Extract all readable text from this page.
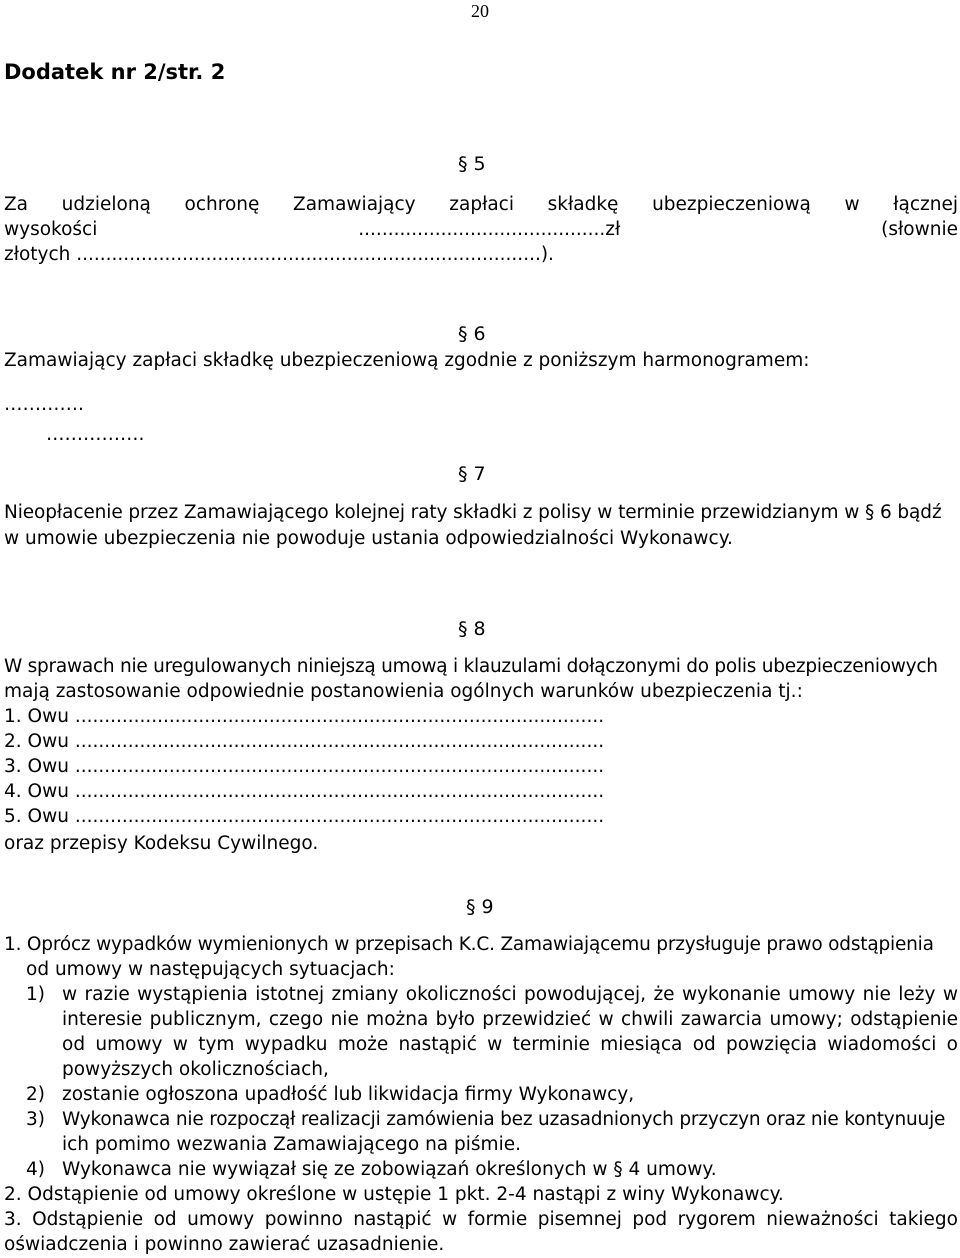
20
Dodatek nr 2/str. 2
§ 5
Za udzieloną ochronę Zamawiający zapłaci składkę ubezpieczeniową w łącznej
wysokości ..........................................zł (słownie
złotych ...............................................................................).
§ 6
Zamawiający zapłaci składkę ubezpieczeniową zgodnie z poniższym harmonogramem:
………….
…………….
§ 7
Nieopłacenie przez Zamawiającego kolejnej raty składki z polisy w terminie przewidzianym w § 6 bądź
w umowie ubezpieczenia nie powoduje ustania odpowiedzialności Wykonawcy.
§ 8
W sprawach nie uregulowanych niniejszą umową i klauzulami dołączonymi do polis ubezpieczeniowych
mają zastosowanie odpowiednie postanowienia ogólnych warunków ubezpieczenia tj.:
1. Owu ..........................................................................................
2. Owu ..........................................................................................
3. Owu ..........................................................................................
4. Owu ..........................................................................................
5. Owu ..........................................................................................
oraz przepisy Kodeksu Cywilnego.
§ 9
1. Oprócz wypadków wymienionych w przepisach K.C. Zamawiającemu przysługuje prawo odstąpienia
od umowy w następujących sytuacjach:
1) w razie wystąpienia istotnej zmiany okoliczności powodującej, że wykonanie umowy nie leży w
interesie publicznym, czego nie można było przewidzieć w chwili zawarcia umowy; odstąpienie
od umowy w tym wypadku może nastąpić w terminie miesiąca od powzięcia wiadomości o
powyższych okolicznościach,
2) zostanie ogłoszona upadłość lub likwidacja firmy Wykonawcy,
3) Wykonawca nie rozpoczął realizacji zamówienia bez uzasadnionych przyczyn oraz nie kontynuuje
ich pomimo wezwania Zamawiającego na piśmie.
4) Wykonawca nie wywiązał się ze zobowiązań określonych w § 4 umowy.
2. Odstąpienie od umowy określone w ustępie 1 pkt. 2-4 nastąpi z winy Wykonawcy.
3. Odstąpienie od umowy powinno nastąpić w formie pisemnej pod rygorem nieważności takiego
oświadczenia i powinno zawierać uzasadnienie.
